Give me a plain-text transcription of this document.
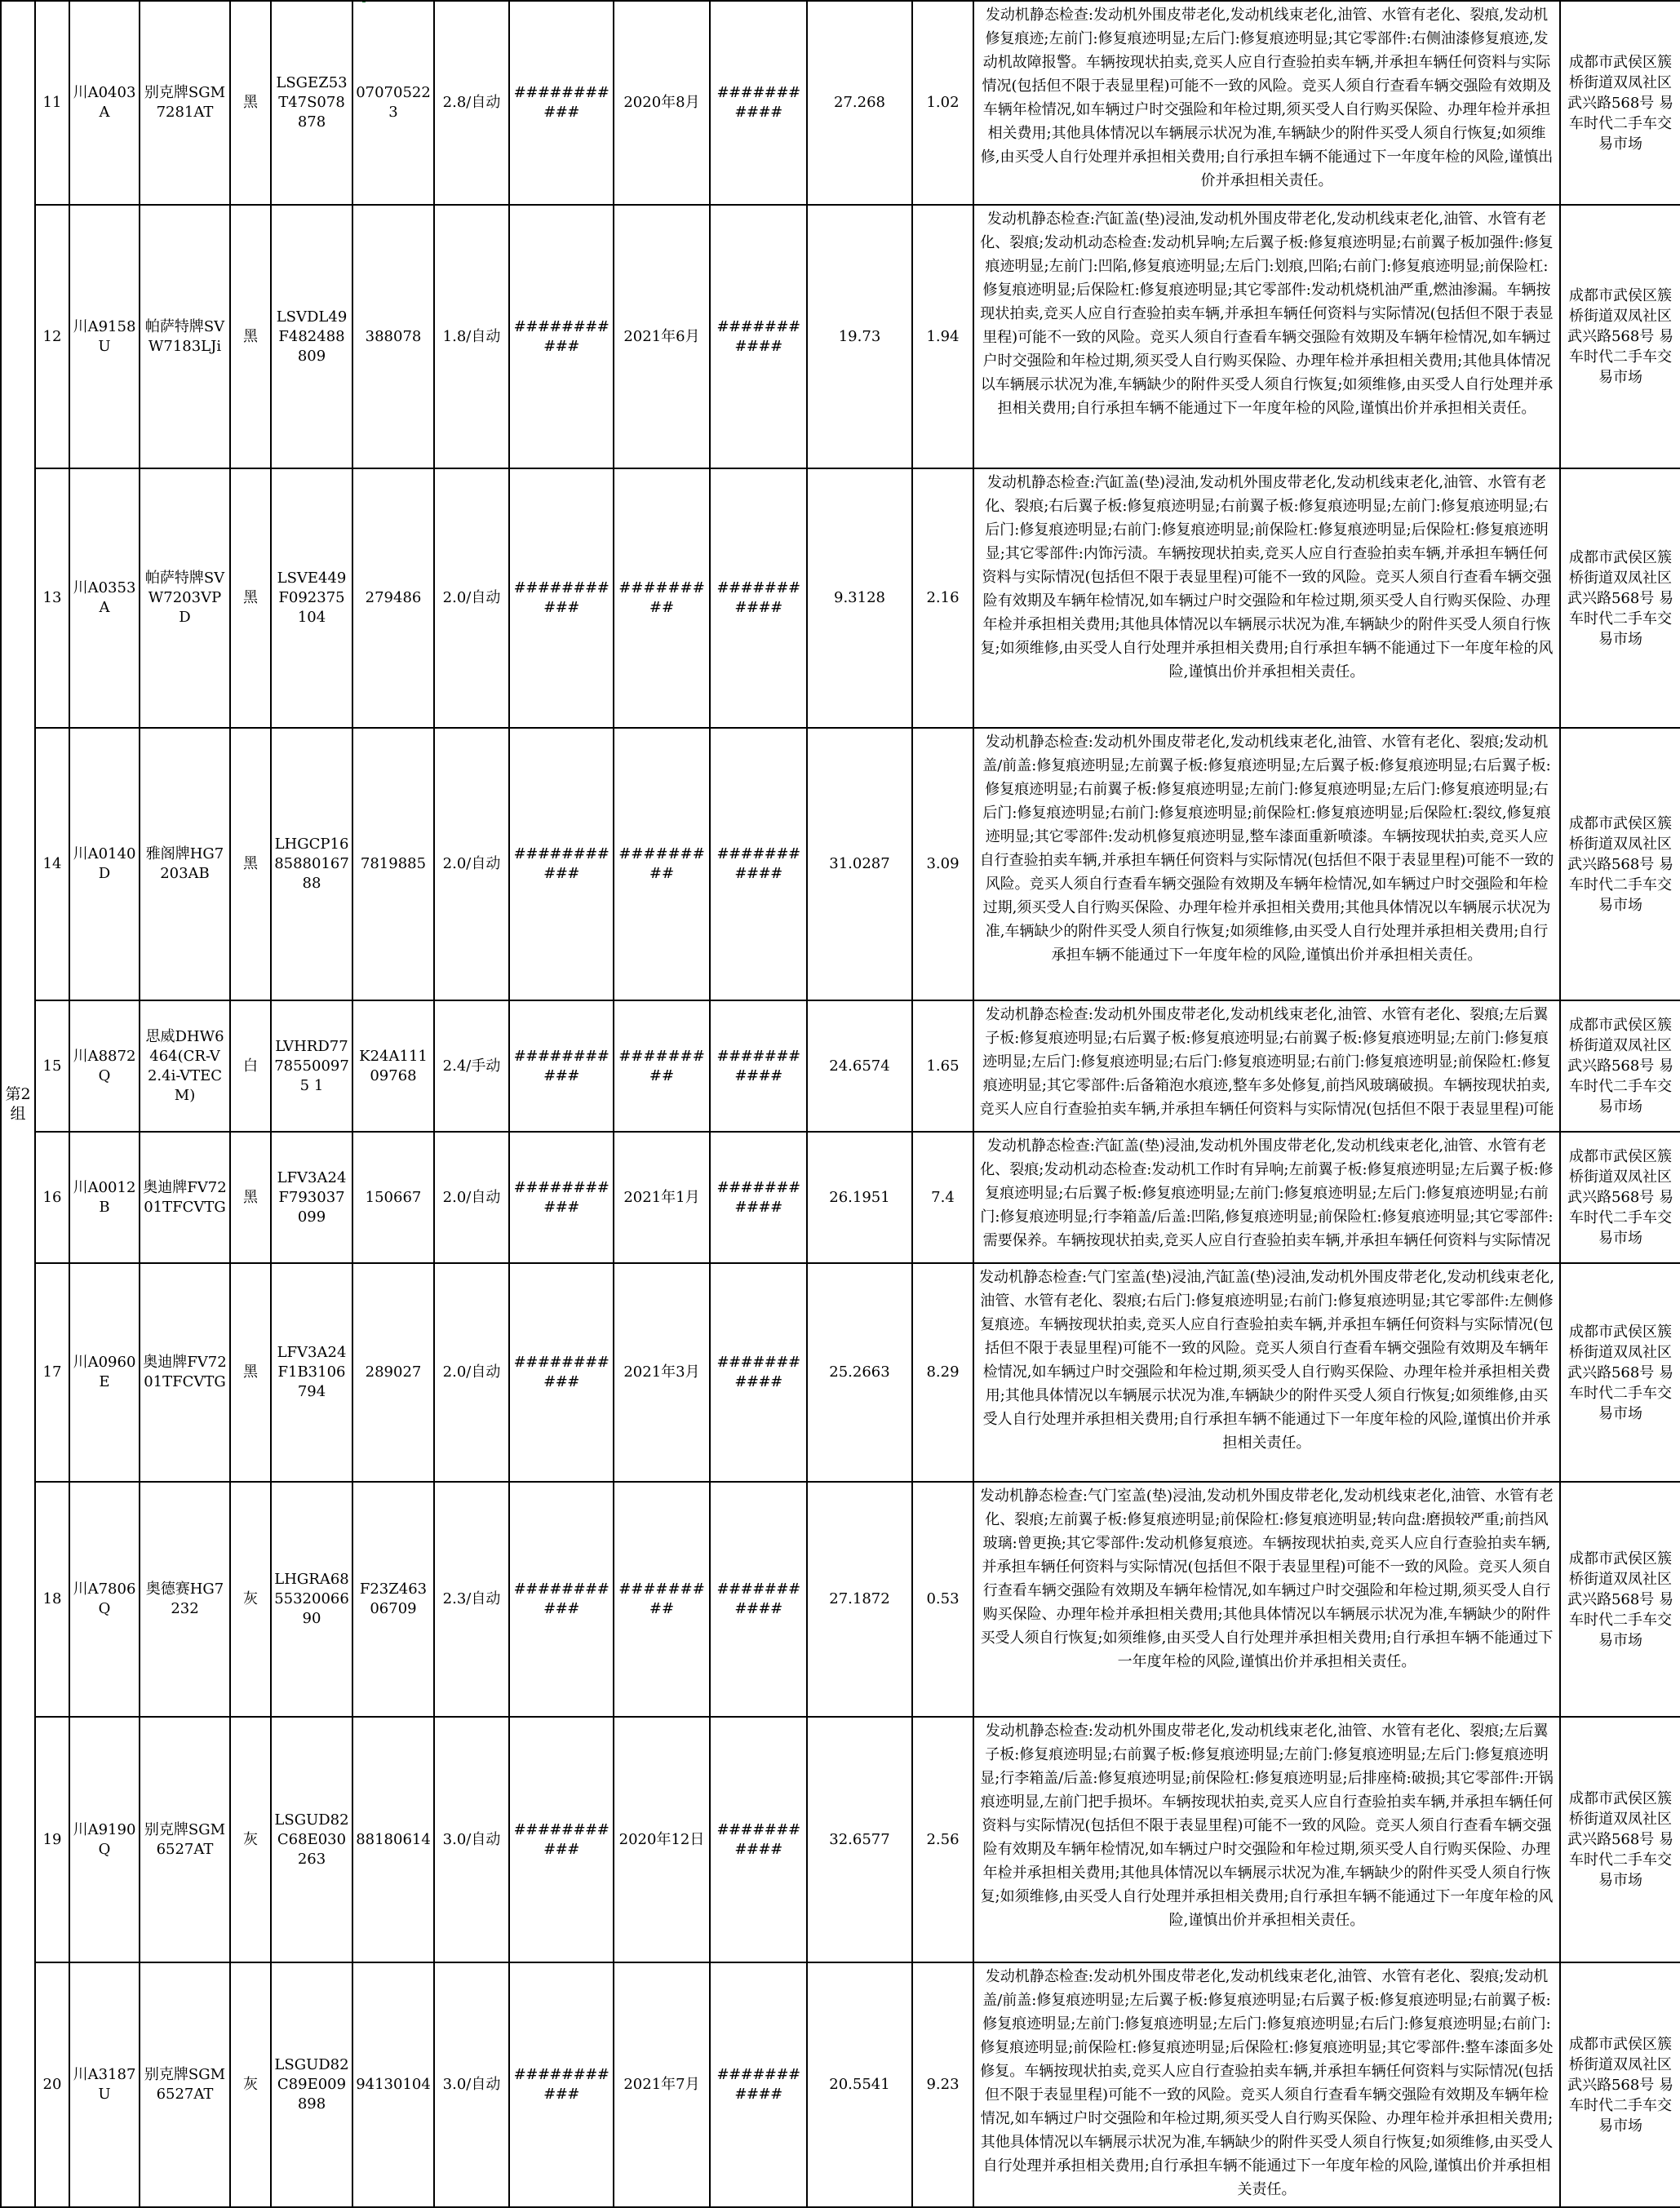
第2组	11	川A0403A	别克牌SGM7281AT	黑	LSGEZ53T47S078878	070705223	2.8/自动	###########	2020年8月	###########	27.268	1.02	发动机静态检查:发动机外围皮带老化,发动机线束老化,油管、水管有老化、裂痕,发动机修复痕迹;左前门:修复痕迹明显;左后门:修复痕迹明显;其它零部件:右侧油漆修复痕迹,发动机故障报警。车辆按现状拍卖,竞买人应自行查验拍卖车辆,并承担车辆任何资料与实际情况(包括但不限于表显里程)可能不一致的风险。竞买人须自行查看车辆交强险有效期及车辆年检情况,如车辆过户时交强险和年检过期,须买受人自行购买保险、办理年检并承担相关费用;其他具体情况以车辆展示状况为准,车辆缺少的附件买受人须自行恢复;如须维修,由买受人自行处理并承担相关费用;自行承担车辆不能通过下一年度年检的风险,谨慎出价并承担相关责任。	成都市武侯区簇桥街道双凤社区武兴路568号 易车时代二手车交易市场
	12	川A9158U	帕萨特牌SVW7183LJi	黑	LSVDL49F482488809	388078	1.8/自动	###########	2021年6月	###########	19.73	1.94	发动机静态检查:汽缸盖(垫)浸油,发动机外围皮带老化,发动机线束老化,油管、水管有老化、裂痕;发动机动态检查:发动机异响;左后翼子板:修复痕迹明显;右前翼子板加强件:修复痕迹明显;左前门:凹陷,修复痕迹明显;左后门:划痕,凹陷;右前门:修复痕迹明显;前保险杠:修复痕迹明显;后保险杠:修复痕迹明显;其它零部件:发动机烧机油严重,燃油渗漏。车辆按现状拍卖,竞买人应自行查验拍卖车辆,并承担车辆任何资料与实际情况(包括但不限于表显里程)可能不一致的风险。竞买人须自行查看车辆交强险有效期及车辆年检情况,如车辆过户时交强险和年检过期,须买受人自行购买保险、办理年检并承担相关费用;其他具体情况以车辆展示状况为准,车辆缺少的附件买受人须自行恢复;如须维修,由买受人自行处理并承担相关费用;自行承担车辆不能通过下一年度年检的风险,谨慎出价并承担相关责任。	成都市武侯区簇桥街道双凤社区武兴路568号 易车时代二手车交易市场
	13	川A0353A	帕萨特牌SVW7203VPD	黑	LSVE449F092375104	279486	2.0/自动	###########	#########	###########	9.3128	2.16	发动机静态检查:汽缸盖(垫)浸油,发动机外围皮带老化,发动机线束老化,油管、水管有老化、裂痕;右后翼子板:修复痕迹明显;右前翼子板:修复痕迹明显;左前门:修复痕迹明显;右后门:修复痕迹明显;右前门:修复痕迹明显;前保险杠:修复痕迹明显;后保险杠:修复痕迹明显;其它零部件:内饰污渍。车辆按现状拍卖,竞买人应自行查验拍卖车辆,并承担车辆任何资料与实际情况(包括但不限于表显里程)可能不一致的风险。竞买人须自行查看车辆交强险有效期及车辆年检情况,如车辆过户时交强险和年检过期,须买受人自行购买保险、办理年检并承担相关费用;其他具体情况以车辆展示状况为准,车辆缺少的附件买受人须自行恢复;如须维修,由买受人自行处理并承担相关费用;自行承担车辆不能通过下一年度年检的风险,谨慎出价并承担相关责任。	成都市武侯区簇桥街道双凤社区武兴路568号 易车时代二手车交易市场
	14	川A0140D	雅阁牌HG7203AB	黑	LHGCP168588016788	7819885	2.0/自动	###########	#########	###########	31.0287	3.09	发动机静态检查:发动机外围皮带老化,发动机线束老化,油管、水管有老化、裂痕;发动机盖/前盖:修复痕迹明显;左前翼子板:修复痕迹明显;左后翼子板:修复痕迹明显;右后翼子板:修复痕迹明显;右前翼子板:修复痕迹明显;左前门:修复痕迹明显;左后门:修复痕迹明显;右后门:修复痕迹明显;右前门:修复痕迹明显;前保险杠:修复痕迹明显;后保险杠:裂纹,修复痕迹明显;其它零部件:发动机修复痕迹明显,整车漆面重新喷漆。车辆按现状拍卖,竞买人应自行查验拍卖车辆,并承担车辆任何资料与实际情况(包括但不限于表显里程)可能不一致的风险。竞买人须自行查看车辆交强险有效期及车辆年检情况,如车辆过户时交强险和年检过期,须买受人自行购买保险、办理年检并承担相关费用;其他具体情况以车辆展示状况为准,车辆缺少的附件买受人须自行恢复;如须维修,由买受人自行处理并承担相关费用;自行承担车辆不能通过下一年度年检的风险,谨慎出价并承担相关责任。	成都市武侯区簇桥街道双凤社区武兴路568号 易车时代二手车交易市场
	15	川A8872Q	思威DHW6464(CR-V 2.4i-VTECM)	白	LVHRD77785500975 1	K24A11109768	2.4/手动	###########	#########	###########	24.6574	1.65	发动机静态检查:发动机外围皮带老化,发动机线束老化,油管、水管有老化、裂痕;左后翼子板:修复痕迹明显;右后翼子板:修复痕迹明显;右前翼子板:修复痕迹明显;左前门:修复痕迹明显;左后门:修复痕迹明显;右后门:修复痕迹明显;右前门:修复痕迹明显;前保险杠:修复痕迹明显;其它零部件:后备箱泡水痕迹,整车多处修复,前挡风玻璃破损。车辆按现状拍卖,竞买人应自行查验拍卖车辆,并承担车辆任何资料与实际情况(包括但不限于表显里程)可能	成都市武侯区簇桥街道双凤社区武兴路568号 易车时代二手车交易市场
	16	川A0012B	奥迪牌FV7201TFCVTG	黑	LFV3A24F793037099	150667	2.0/自动	###########	2021年1月	###########	26.1951	7.4	发动机静态检查:汽缸盖(垫)浸油,发动机外围皮带老化,发动机线束老化,油管、水管有老化、裂痕;发动机动态检查:发动机工作时有异响;左前翼子板:修复痕迹明显;左后翼子板:修复痕迹明显;右后翼子板:修复痕迹明显;左前门:修复痕迹明显;左后门:修复痕迹明显;右前门:修复痕迹明显;行李箱盖/后盖:凹陷,修复痕迹明显;前保险杠:修复痕迹明显;其它零部件:需要保养。车辆按现状拍卖,竞买人应自行查验拍卖车辆,并承担车辆任何资料与实际情况	成都市武侯区簇桥街道双凤社区武兴路568号 易车时代二手车交易市场
	17	川A0960E	奥迪牌FV7201TFCVTG	黑	LFV3A24F1B3106794	289027	2.0/自动	###########	2021年3月	###########	25.2663	8.29	发动机静态检查:气门室盖(垫)浸油,汽缸盖(垫)浸油,发动机外围皮带老化,发动机线束老化,油管、水管有老化、裂痕;右后门:修复痕迹明显;右前门:修复痕迹明显;其它零部件:左侧修复痕迹。车辆按现状拍卖,竞买人应自行查验拍卖车辆,并承担车辆任何资料与实际情况(包括但不限于表显里程)可能不一致的风险。竞买人须自行查看车辆交强险有效期及车辆年检情况,如车辆过户时交强险和年检过期,须买受人自行购买保险、办理年检并承担相关费用;其他具体情况以车辆展示状况为准,车辆缺少的附件买受人须自行恢复;如须维修,由买受人自行处理并承担相关费用;自行承担车辆不能通过下一年度年检的风险,谨慎出价并承担相关责任。	成都市武侯区簇桥街道双凤社区武兴路568号 易车时代二手车交易市场
	18	川A7806Q	奥德赛HG7232	灰	LHGRA685532006690	F23Z46306709	2.3/自动	###########	#########	###########	27.1872	0.53	发动机静态检查:气门室盖(垫)浸油,发动机外围皮带老化,发动机线束老化,油管、水管有老化、裂痕;左前翼子板:修复痕迹明显;前保险杠:修复痕迹明显;转向盘:磨损较严重;前挡风玻璃:曾更换;其它零部件:发动机修复痕迹。车辆按现状拍卖,竞买人应自行查验拍卖车辆,并承担车辆任何资料与实际情况(包括但不限于表显里程)可能不一致的风险。竞买人须自行查看车辆交强险有效期及车辆年检情况,如车辆过户时交强险和年检过期,须买受人自行购买保险、办理年检并承担相关费用;其他具体情况以车辆展示状况为准,车辆缺少的附件买受人须自行恢复;如须维修,由买受人自行处理并承担相关费用;自行承担车辆不能通过下一年度年检的风险,谨慎出价并承担相关责任。	成都市武侯区簇桥街道双凤社区武兴路568号 易车时代二手车交易市场
	19	川A9190Q	别克牌SGM6527AT	灰	LSGUD82C68E030263	88180614	3.0/自动	###########	2020年12日	###########	32.6577	2.56	发动机静态检查:发动机外围皮带老化,发动机线束老化,油管、水管有老化、裂痕;左后翼子板:修复痕迹明显;右前翼子板:修复痕迹明显;左前门:修复痕迹明显;左后门:修复痕迹明显;行李箱盖/后盖:修复痕迹明显;前保险杠:修复痕迹明显;后排座椅:破损;其它零部件:开锅痕迹明显,左前门把手损坏。车辆按现状拍卖,竞买人应自行查验拍卖车辆,并承担车辆任何资料与实际情况(包括但不限于表显里程)可能不一致的风险。竞买人须自行查看车辆交强险有效期及车辆年检情况,如车辆过户时交强险和年检过期,须买受人自行购买保险、办理年检并承担相关费用;其他具体情况以车辆展示状况为准,车辆缺少的附件买受人须自行恢复;如须维修,由买受人自行处理并承担相关费用;自行承担车辆不能通过下一年度年检的风险,谨慎出价并承担相关责任。	成都市武侯区簇桥街道双凤社区武兴路568号 易车时代二手车交易市场
	20	川A3187U	别克牌SGM6527AT	灰	LSGUD82C89E009898	94130104	3.0/自动	###########	2021年7月	###########	20.5541	9.23	发动机静态检查:发动机外围皮带老化,发动机线束老化,油管、水管有老化、裂痕;发动机盖/前盖:修复痕迹明显;左后翼子板:修复痕迹明显;右后翼子板:修复痕迹明显;右前翼子板:修复痕迹明显;左前门:修复痕迹明显;左后门:修复痕迹明显;右后门:修复痕迹明显;右前门:修复痕迹明显;前保险杠:修复痕迹明显;后保险杠:修复痕迹明显;其它零部件:整车漆面多处修复。车辆按现状拍卖,竞买人应自行查验拍卖车辆,并承担车辆任何资料与实际情况(包括但不限于表显里程)可能不一致的风险。竞买人须自行查看车辆交强险有效期及车辆年检情况,如车辆过户时交强险和年检过期,须买受人自行购买保险、办理年检并承担相关费用;其他具体情况以车辆展示状况为准,车辆缺少的附件买受人须自行恢复;如须维修,由买受人自行处理并承担相关费用;自行承担车辆不能通过下一年度年检的风险,谨慎出价并承担相关责任。	成都市武侯区簇桥街道双凤社区武兴路568号 易车时代二手车交易市场
